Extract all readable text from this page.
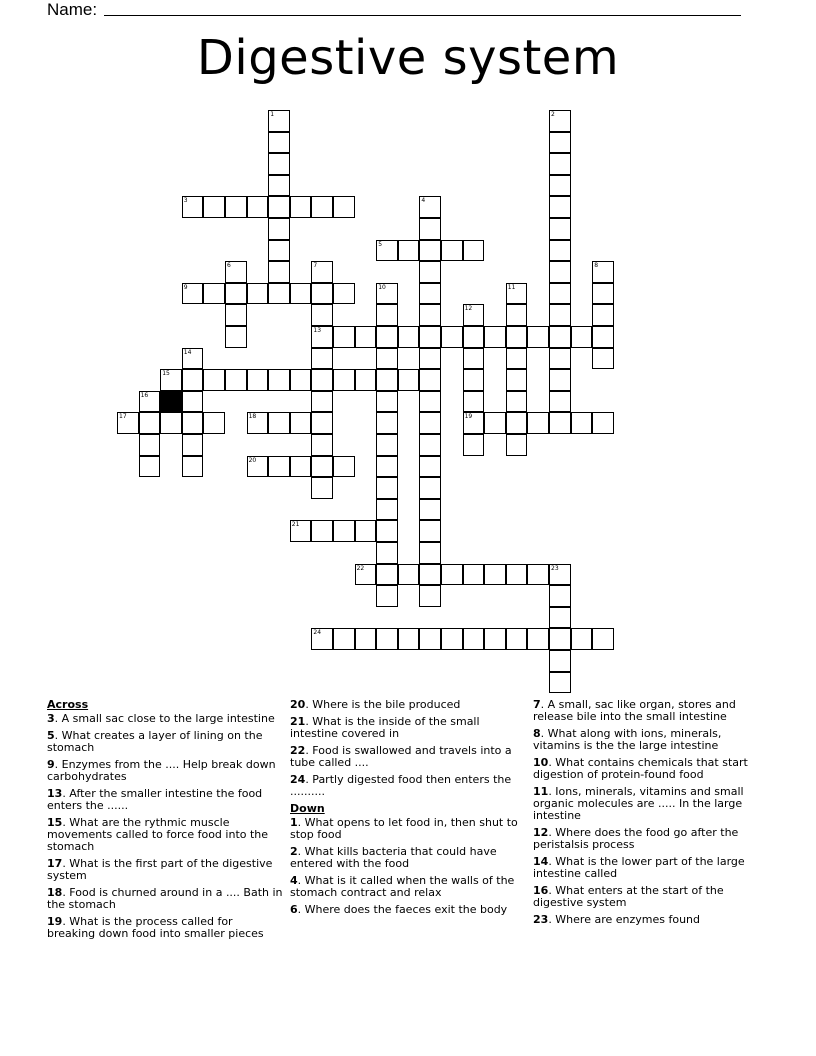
Name:
Digestive system
1	2
3	4
5
6	7
13
8
9	10	11
12
19
14
15
16
17	18
20
21
22	23
24
Across
3. A small sac close to the large intestine
5. What creates a layer of lining on the stomach
9. Enzymes from the .... Help break down carbohydrates
13. After the smaller intestine the food enters the ......
15. What are the rythmic muscle movements called to force food into the stomach
17. What is the first part of the digestive system
18. Food is churned around in a .... Bath in the stomach
19. What is the process called for breaking down food into smaller pieces
20. Where is the bile produced
21. What is the inside of the small intestine covered in
22. Food is swallowed and travels into a tube called ....
24. Partly digested food then enters the ..........
Down
1. What opens to let food in, then shut to stop food
2. What kills bacteria that could have entered with the food
4. What is it called when the walls of the stomach contract and relax
6. Where does the faeces exit the body
7. A small, sac like organ, stores and release bile into the small intestine
8. What along with ions, minerals, vitamins is the the large intestine
10. What contains chemicals that start digestion of protein-found food
11. Ions, minerals, vitamins and small organic molecules are ..... In the large intestine
12. Where does the food go after the peristalsis process
14. What is the lower part of the large intestine called
16. What enters at the start of the digestive system
23. Where are enzymes found
